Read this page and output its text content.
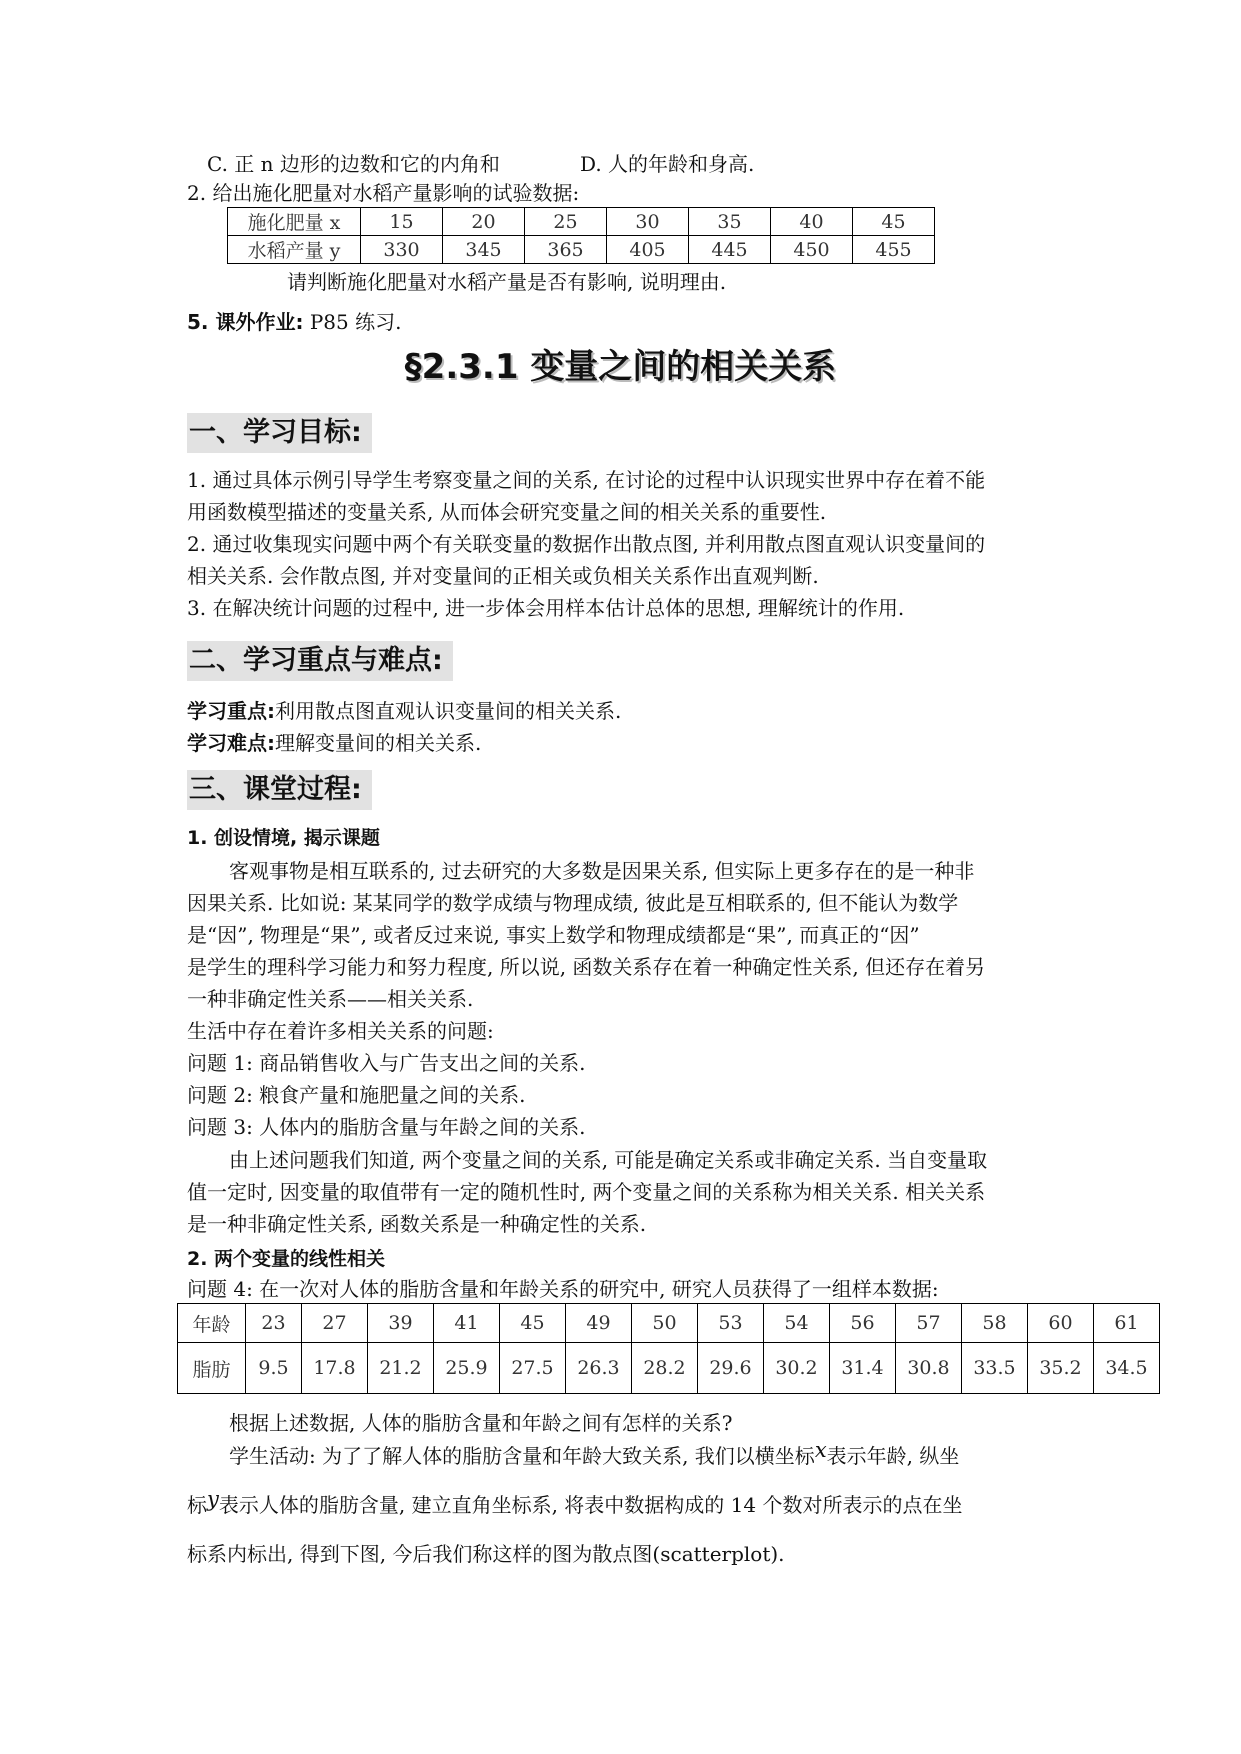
C. 正 n 边形的边数和它的内角和	D. 人的年龄和身高.
2. 给出施化肥量对水稻产量影响的试验数据:
施化肥量 x	15	20	25	30	35	40	45
水稻产量 y	330	345	365	405	445	450	455
请判断施化肥量对水稻产量是否有影响, 说明理由.
5. 课外作业: P85 练习.
§2.3.1 变量之间的相关关系
一、学习目标:
1. 通过具体示例引导学生考察变量之间的关系, 在讨论的过程中认识现实世界中存在着不能
用函数模型描述的变量关系, 从而体会研究变量之间的相关关系的重要性.
2. 通过收集现实问题中两个有关联变量的数据作出散点图, 并利用散点图直观认识变量间的
相关关系. 会作散点图, 并对变量间的正相关或负相关关系作出直观判断.
3. 在解决统计问题的过程中, 进一步体会用样本估计总体的思想, 理解统计的作用.
二、学习重点与难点:
学习重点:利用散点图直观认识变量间的相关关系.
学习难点:理解变量间的相关关系.
三、课堂过程:
1. 创设情境, 揭示课题
客观事物是相互联系的, 过去研究的大多数是因果关系, 但实际上更多存在的是一种非
因果关系. 比如说: 某某同学的数学成绩与物理成绩, 彼此是互相联系的, 但不能认为数学
是“因”, 物理是“果”, 或者反过来说, 事实上数学和物理成绩都是“果”, 而真正的“因”
是学生的理科学习能力和努力程度, 所以说, 函数关系存在着一种确定性关系, 但还存在着另
一种非确定性关系——相关关系.
生活中存在着许多相关关系的问题:
问题 1: 商品销售收入与广告支出之间的关系.
问题 2: 粮食产量和施肥量之间的关系.
问题 3: 人体内的脂肪含量与年龄之间的关系.
由上述问题我们知道, 两个变量之间的关系, 可能是确定关系或非确定关系. 当自变量取
值一定时, 因变量的取值带有一定的随机性时, 两个变量之间的关系称为相关关系. 相关关系
是一种非确定性关系, 函数关系是一种确定性的关系.
2. 两个变量的线性相关
问题 4: 在一次对人体的脂肪含量和年龄关系的研究中, 研究人员获得了一组样本数据:
年龄	23	27	39	41	45	49	50	53	54	56	57	58	60	61
脂肪	9.5	17.8	21.2	25.9	27.5	26.3	28.2	29.6	30.2	31.4	30.8	33.5	35.2	34.5
根据上述数据, 人体的脂肪含量和年龄之间有怎样的关系?
学生活动: 为了了解人体的脂肪含量和年龄大致关系, 我们以横坐标x表示年龄, 纵坐
标y表示人体的脂肪含量, 建立直角坐标系, 将表中数据构成的 14 个数对所表示的点在坐
标系内标出, 得到下图, 今后我们称这样的图为散点图(scatterplot).
